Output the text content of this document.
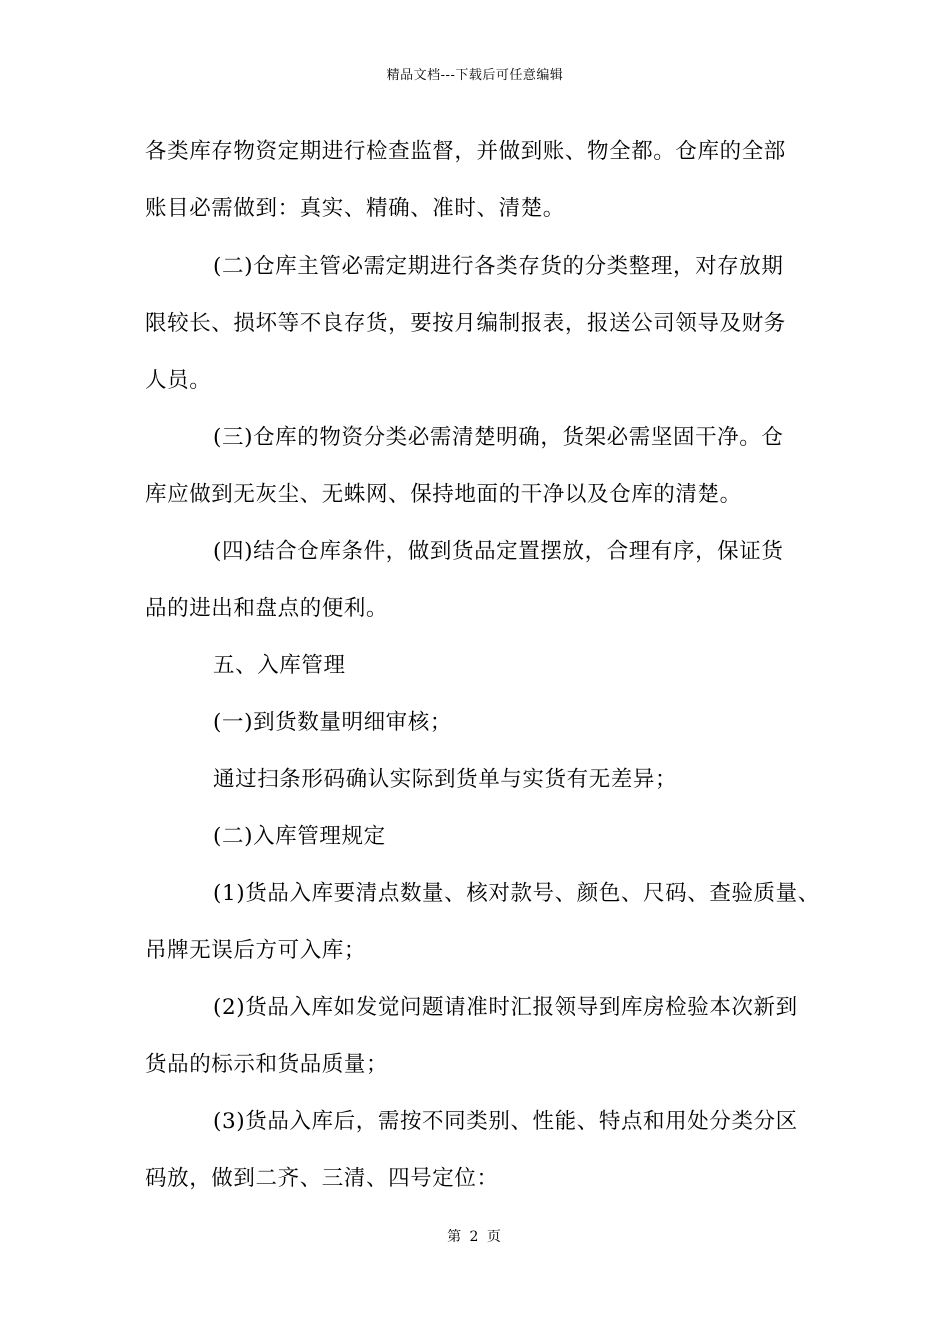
精品文档---下载后可任意编辑
各类库存物资定期进行检查监督，并做到账、物全都。仓库的全部
账目必需做到：真实、精确、准时、清楚。
(二)仓库主管必需定期进行各类存货的分类整理，对存放期
限较长、损坏等不良存货，要按月编制报表，报送公司领导及财务
人员。
(三)仓库的物资分类必需清楚明确，货架必需坚固干净。仓
库应做到无灰尘、无蛛网、保持地面的干净以及仓库的清楚。
(四)结合仓库条件，做到货品定置摆放，合理有序，保证货
品的进出和盘点的便利。
五、入库管理
(一)到货数量明细审核；
通过扫条形码确认实际到货单与实货有无差异；
(二)入库管理规定
(1)货品入库要清点数量、核对款号、颜色、尺码、查验质量、
吊牌无误后方可入库；
(2)货品入库如发觉问题请准时汇报领导到库房检验本次新到
货品的标示和货品质量；
(3)货品入库后，需按不同类别、性能、特点和用处分类分区
码放，做到二齐、三清、四号定位：
第 2 页
